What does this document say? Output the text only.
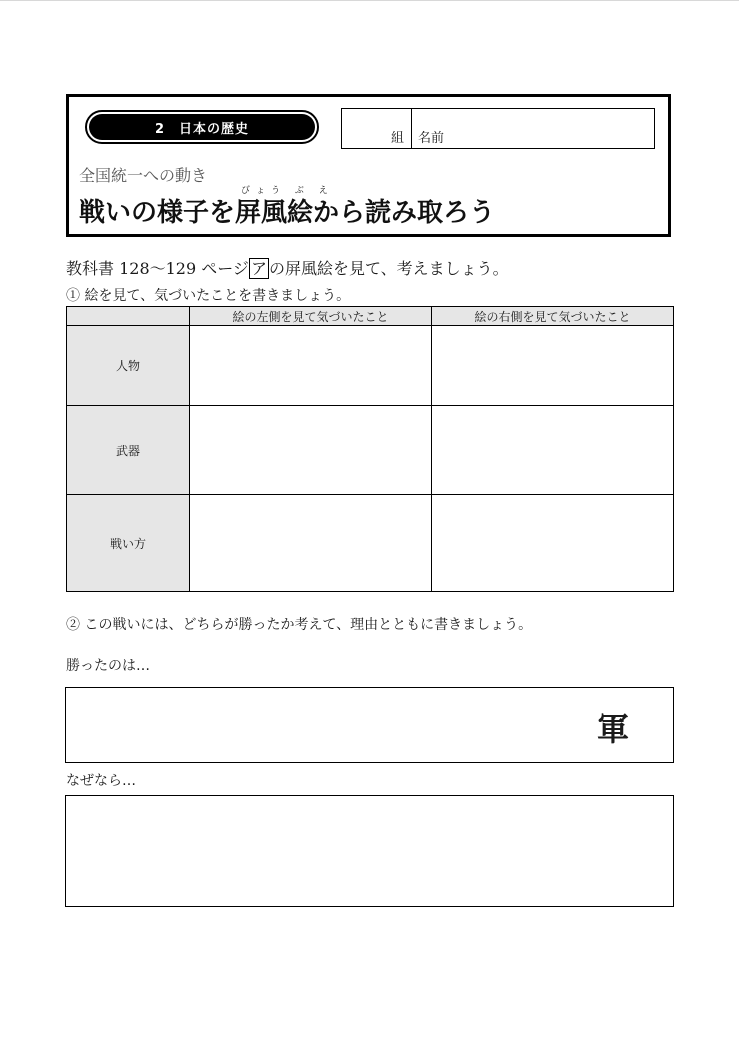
2　日本の歴史
組 名前
全国統一への動き
びょう ぶ え
戦いの様子を屏風絵から読み取ろう
教科書 128〜129 ページ ア の屏風絵を見て、考えましょう。
① 絵を見て、気づいたことを書きましょう。
	絵の左側を見て気づいたこと	絵の右側を見て気づいたこと
人物		
武器		
戦い方		
② この戦いには、どちらが勝ったか考えて、理由とともに書きましょう。
勝ったのは…
軍
なぜなら…
